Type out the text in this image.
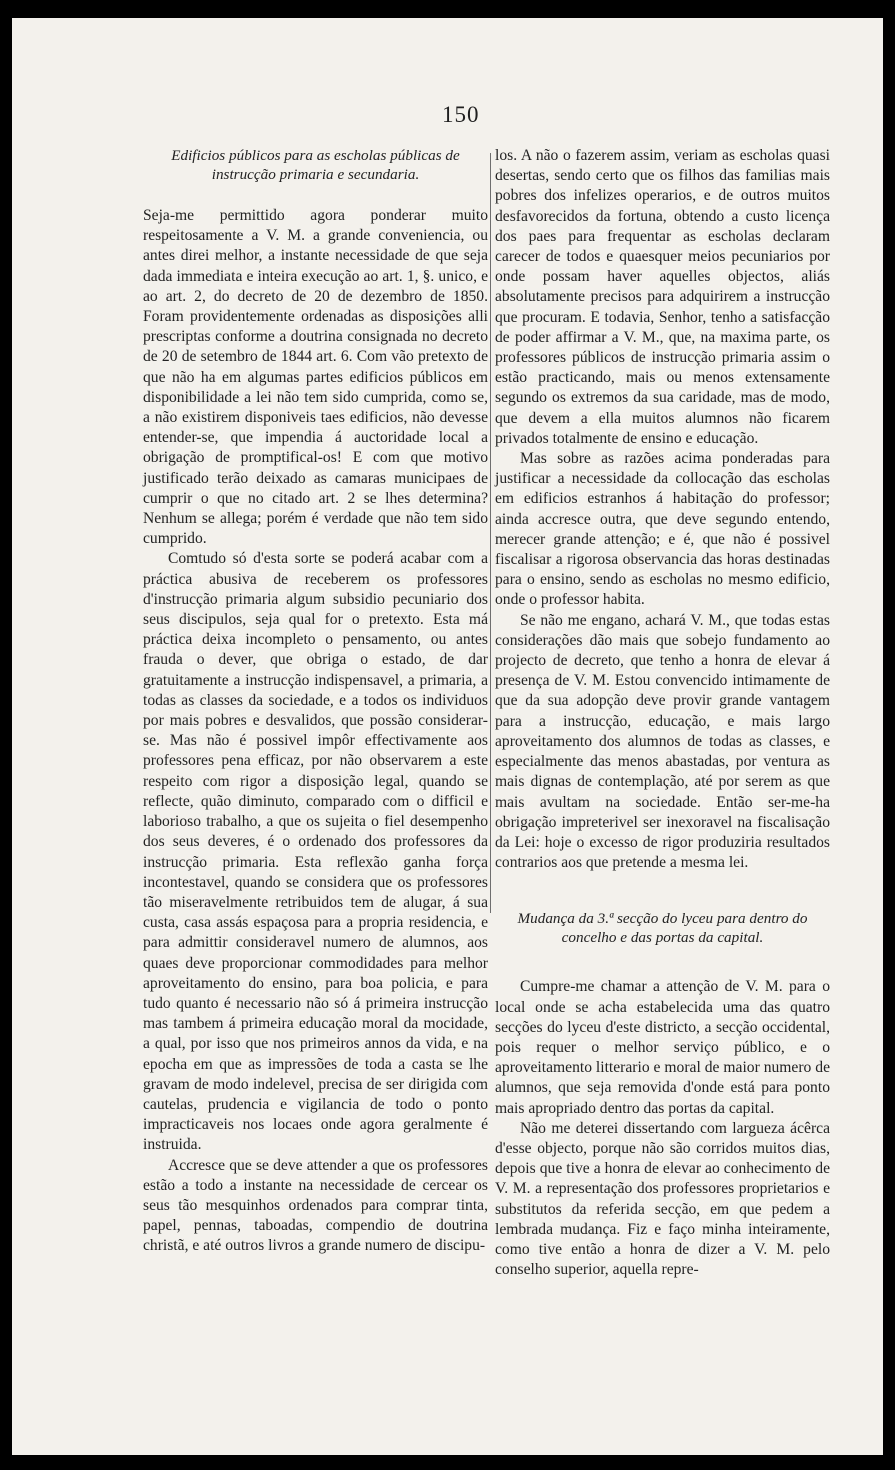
150
Edificios públicos para as escholas públicas de instrucção primaria e secundaria.

Seja-me permittido agora ponderar muito respeitosamente a V. M. a grande conveniencia, ou antes direi melhor, a instante necessidade de que seja dada immediata e inteira execução ao art. 1, §. unico, e ao art. 2, do decreto de 20 de dezembro de 1850. Foram providentemente ordenadas as disposições alli prescriptas conforme a doutrina consignada no decreto de 20 de setembro de 1844 art. 6. Com vão pretexto de que não ha em algumas partes edificios públicos em disponibilidade a lei não tem sido cumprida, como se, a não existirem disponiveis taes edificios, não devesse entender-se, que impendia á auctoridade local a obrigação de promptifical-os! E com que motivo justificado terão deixado as camaras municipaes de cumprir o que no citado art. 2 se lhes determina? Nenhum se allega; porém é verdade que não tem sido cumprido.

Comtudo só d'esta sorte se poderá acabar com a práctica abusiva de receberem os professores d'instrucção primaria algum subsidio pecuniario dos seus discipulos, seja qual for o pretexto. Esta má práctica deixa incompleto o pensamento, ou antes frauda o dever, que obriga o estado, de dar gratuitamente a instrucção indispensavel, a primaria, a todas as classes da sociedade, e a todos os individuos por mais pobres e desvalidos, que possão considerar-se. Mas não é possivel impôr effectivamente aos professores pena efficaz, por não observarem a este respeito com rigor a disposição legal, quando se reflecte, quão diminuto, comparado com o difficil e laborioso trabalho, a que os sujeita o fiel desempenho dos seus deveres, é o ordenado dos professores da instrucção primaria. Esta reflexão ganha força incontestavel, quando se considera que os professores tão miseravelmente retribuidos tem de alugar, á sua custa, casa assás espaçosa para a propria residencia, e para admittir consideravel numero de alumnos, aos quaes deve proporcionar commodidades para melhor aproveitamento do ensino, para boa policia, e para tudo quanto é necessario não só á primeira instrucção mas tambem á primeira educação moral da mocidade, a qual, por isso que nos primeiros annos da vida, e na epocha em que as impressões de toda a casta se lhe gravam de modo indelevel, precisa de ser dirigida com cautelas, prudencia e vigilancia de todo o ponto impracticaveis nos locaes onde agora geralmente é instruida.

Accresce que se deve attender a que os professores estão a todo a instante na necessidade de cercear os seus tão mesquinhos ordenados para comprar tinta, papel, pennas, taboadas, compendio de doutrina christã, e até outros livros a grande numero de discipu-

los. A não o fazerem assim, veriam as escholas quasi desertas, sendo certo que os filhos das familias mais pobres dos infelizes operarios, e de outros muitos desfavorecidos da fortuna, obtendo a custo licença dos paes para frequentar as escholas declaram carecer de todos e quaesquer meios pecuniarios por onde possam haver aquelles objectos, aliás absolutamente precisos para adquirirem a instrucção que procuram. E todavia, Senhor, tenho a satisfacção de poder affirmar a V. M., que, na maxima parte, os professores públicos de instrucção primaria assim o estão practicando, mais ou menos extensamente segundo os extremos da sua caridade, mas de modo, que devem a ella muitos alumnos não ficarem privados totalmente de ensino e educação.

Mas sobre as razões acima ponderadas para justificar a necessidade da collocação das escholas em edificios estranhos á habitação do professor; ainda accresce outra, que deve segundo entendo, merecer grande attenção; e é, que não é possivel fiscalisar a rigorosa observancia das horas destinadas para o ensino, sendo as escholas no mesmo edificio, onde o professor habita.

Se não me engano, achará V. M., que todas estas considerações dão mais que sobejo fundamento ao projecto de decreto, que tenho a honra de elevar á presença de V. M. Estou convencido intimamente de que da sua adopção deve provir grande vantagem para a instrucção, educação, e mais largo aproveitamento dos alumnos de todas as classes, e especialmente das menos abastadas, por ventura as mais dignas de contemplação, até por serem as que mais avultam na sociedade. Então ser-me-ha obrigação impreterivel ser inexoravel na fiscalisação da Lei: hoje o excesso de rigor produziria resultados contrarios aos que pretende a mesma lei.

Mudança da 3.ª secção do lyceu para dentro do concelho e das portas da capital.

Cumpre-me chamar a attenção de V. M. para o local onde se acha estabelecida uma das quatro secções do lyceu d'este districto, a secção occidental, pois requer o melhor serviço público, e o aproveitamento litterario e moral de maior numero de alumnos, que seja removida d'onde está para ponto mais apropriado dentro das portas da capital.

Não me deterei dissertando com largueza ácêrca d'esse objecto, porque não são corridos muitos dias, depois que tive a honra de elevar ao conhecimento de V. M. a representação dos professores proprietarios e substitutos da referida secção, em que pedem a lembrada mudança. Fiz e faço minha inteiramente, como tive então a honra de dizer a V. M. pelo conselho superior, aquella repre-
